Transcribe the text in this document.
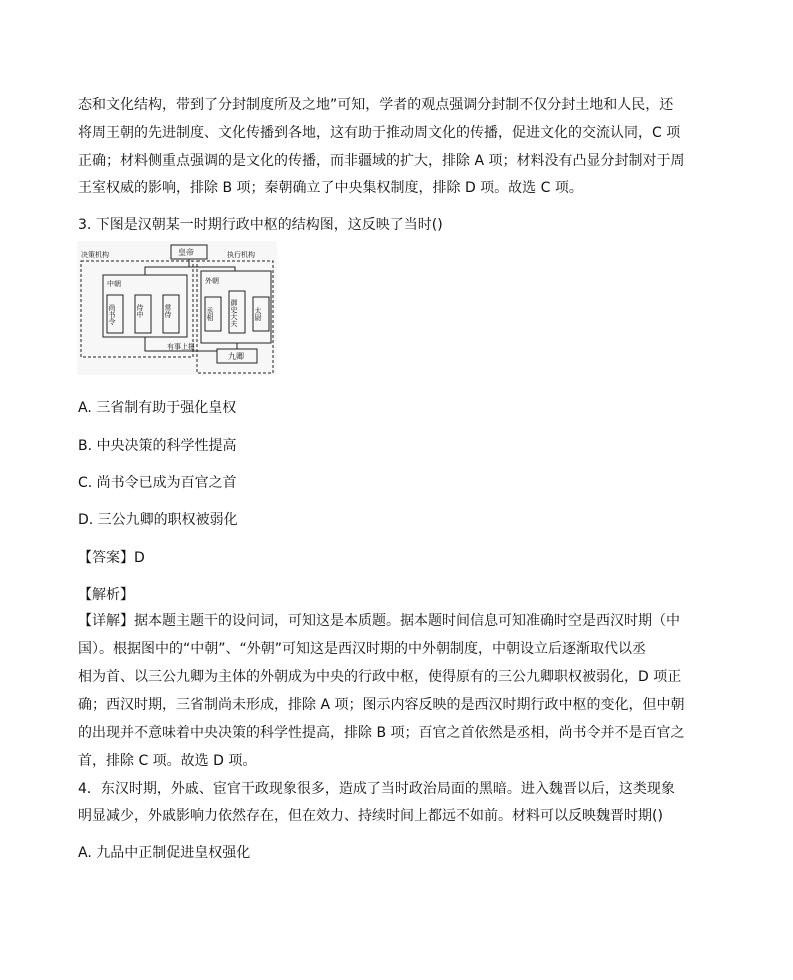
态和文化结构，带到了分封制度所及之地”可知，学者的观点强调分封制不仅分封土地和人民，还
将周王朝的先进制度、文化传播到各地，这有助于推动周文化的传播，促进文化的交流认同，C 项
正确；材料侧重点强调的是文化的传播，而非疆域的扩大，排除 A 项；材料没有凸显分封制对于周
王室权威的影响，排除 B 项；秦朝确立了中央集权制度，排除 D 项。故选 C 项。
3. 下图是汉朝某一时期行政中枢的结构图，这反映了当时()
决策机构	执行机构
皇帝
中朝	外朝
有事上报
九卿
尚书令	侍中	常侍	丞相 御史大夫 太尉
A. 三省制有助于强化皇权
B. 中央决策的科学性提高
C. 尚书令已成为百官之首
D. 三公九卿的职权被弱化
【答案】D
【解析】
【详解】据本题主题干的设问词，可知这是本质题。据本题时间信息可知准确时空是西汉时期（中
国）。根据图中的“中朝”、“外朝”可知这是西汉时期的中外朝制度，中朝设立后逐渐取代以丞
相为首、以三公九卿为主体的外朝成为中央的行政中枢，使得原有的三公九卿职权被弱化，D 项正
确；西汉时期，三省制尚未形成，排除 A 项；图示内容反映的是西汉时期行政中枢的变化，但中朝
的出现并不意味着中央决策的科学性提高，排除 B 项；百官之首依然是丞相，尚书令并不是百官之
首，排除 C 项。故选 D 项。
4．东汉时期，外戚、宦官干政现象很多，造成了当时政治局面的黑暗。进入魏晋以后，这类现象
明显减少，外戚影响力依然存在，但在效力、持续时间上都远不如前。材料可以反映魏晋时期()
A. 九品中正制促进皇权强化
